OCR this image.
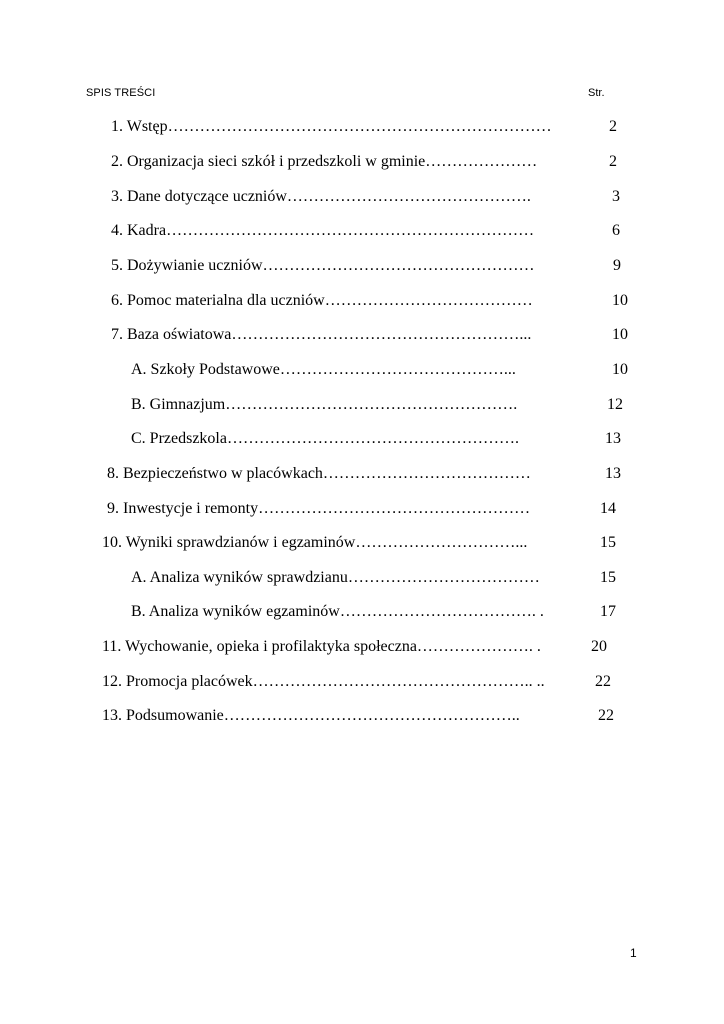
SPIS TREŚCI	Str.
1. Wstęp………………………………………………………………	2
2. Organizacja sieci szkół i przedszkoli w gminie…………………	2
3. Dane dotyczące uczniów……………………………………….	3
4. Kadra……………………………………………………………	6
5. Dożywianie uczniów……………………………………………	9
6. Pomoc materialna dla uczniów…………………………………	10
7. Baza oświatowa………………………………………………...	10
A. Szkoły Podstawowe……………………………………...	10
B. Gimnazjum……………………………………………….	12
C. Przedszkola……………………………………………….	13
8. Bezpieczeństwo w placówkach…………………………………	13
9. Inwestycje i remonty……………………………………………	14
10. Wyniki sprawdzianów i egzaminów…………………………...	15
A. Analiza wyników sprawdzianu………………………………	15
B. Analiza wyników egzaminów………………………………. .	17
11. Wychowanie, opieka i profilaktyka społeczna…………………. .	20
12. Promocja placówek…………………………………………….. ..	22
13. Podsumowanie………………………………………………..	22
1
